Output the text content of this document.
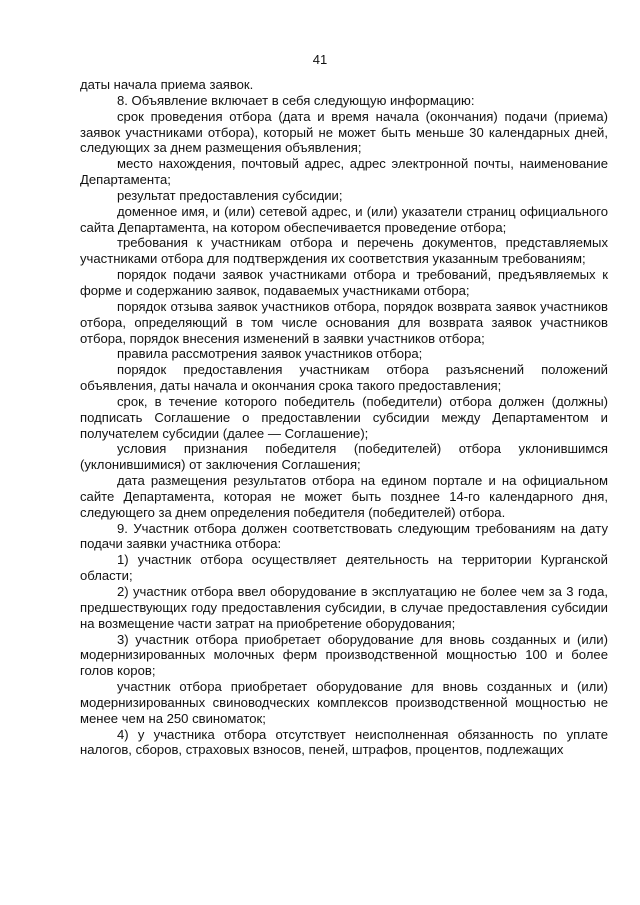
41

даты начала приема заявок.

8. Объявление включает в себя следующую информацию:

срок проведения отбора (дата и время начала (окончания) подачи (приема) заявок участниками отбора), который не может быть меньше 30 календарных дней, следующих за днем размещения объявления;

место нахождения, почтовый адрес, адрес электронной почты, наименование Департамента;

результат предоставления субсидии;

доменное имя, и (или) сетевой адрес, и (или) указатели страниц официального сайта Департамента, на котором обеспечивается проведение отбора;

требования к участникам отбора и перечень документов, представляемых участниками отбора для подтверждения их соответствия указанным требованиям;

порядок подачи заявок участниками отбора и требований, предъявляемых к форме и содержанию заявок, подаваемых участниками отбора;

порядок отзыва заявок участников отбора, порядок возврата заявок участников отбора, определяющий в том числе основания для возврата заявок участников отбора, порядок внесения изменений в заявки участников отбора;

правила рассмотрения заявок участников отбора;

порядок предоставления участникам отбора разъяснений положений объявления, даты начала и окончания срока такого предоставления;

срок, в течение которого победитель (победители) отбора должен (должны) подписать Соглашение о предоставлении субсидии между Департаментом и получателем субсидии (далее — Соглашение);

условия признания победителя (победителей) отбора уклонившимся (уклонившимися) от заключения Соглашения;

дата размещения результатов отбора на едином портале и на официальном сайте Департамента, которая не может быть позднее 14-го календарного дня, следующего за днем определения победителя (победителей) отбора.

9. Участник отбора должен соответствовать следующим требованиям на дату подачи заявки участника отбора:

1) участник отбора осуществляет деятельность на территории Курганской области;

2) участник отбора ввел оборудование в эксплуатацию не более чем за 3 года, предшествующих году предоставления субсидии, в случае предоставления субсидии на возмещение части затрат на приобретение оборудования;

3) участник отбора приобретает оборудование для вновь созданных и (или) модернизированных молочных ферм производственной мощностью 100 и более голов коров;

участник отбора приобретает оборудование для вновь созданных и (или) модернизированных свиноводческих комплексов производственной мощностью не менее чем на 250 свиноматок;

4) у участника отбора отсутствует неисполненная обязанность по уплате налогов, сборов, страховых взносов, пеней, штрафов, процентов, подлежащих
